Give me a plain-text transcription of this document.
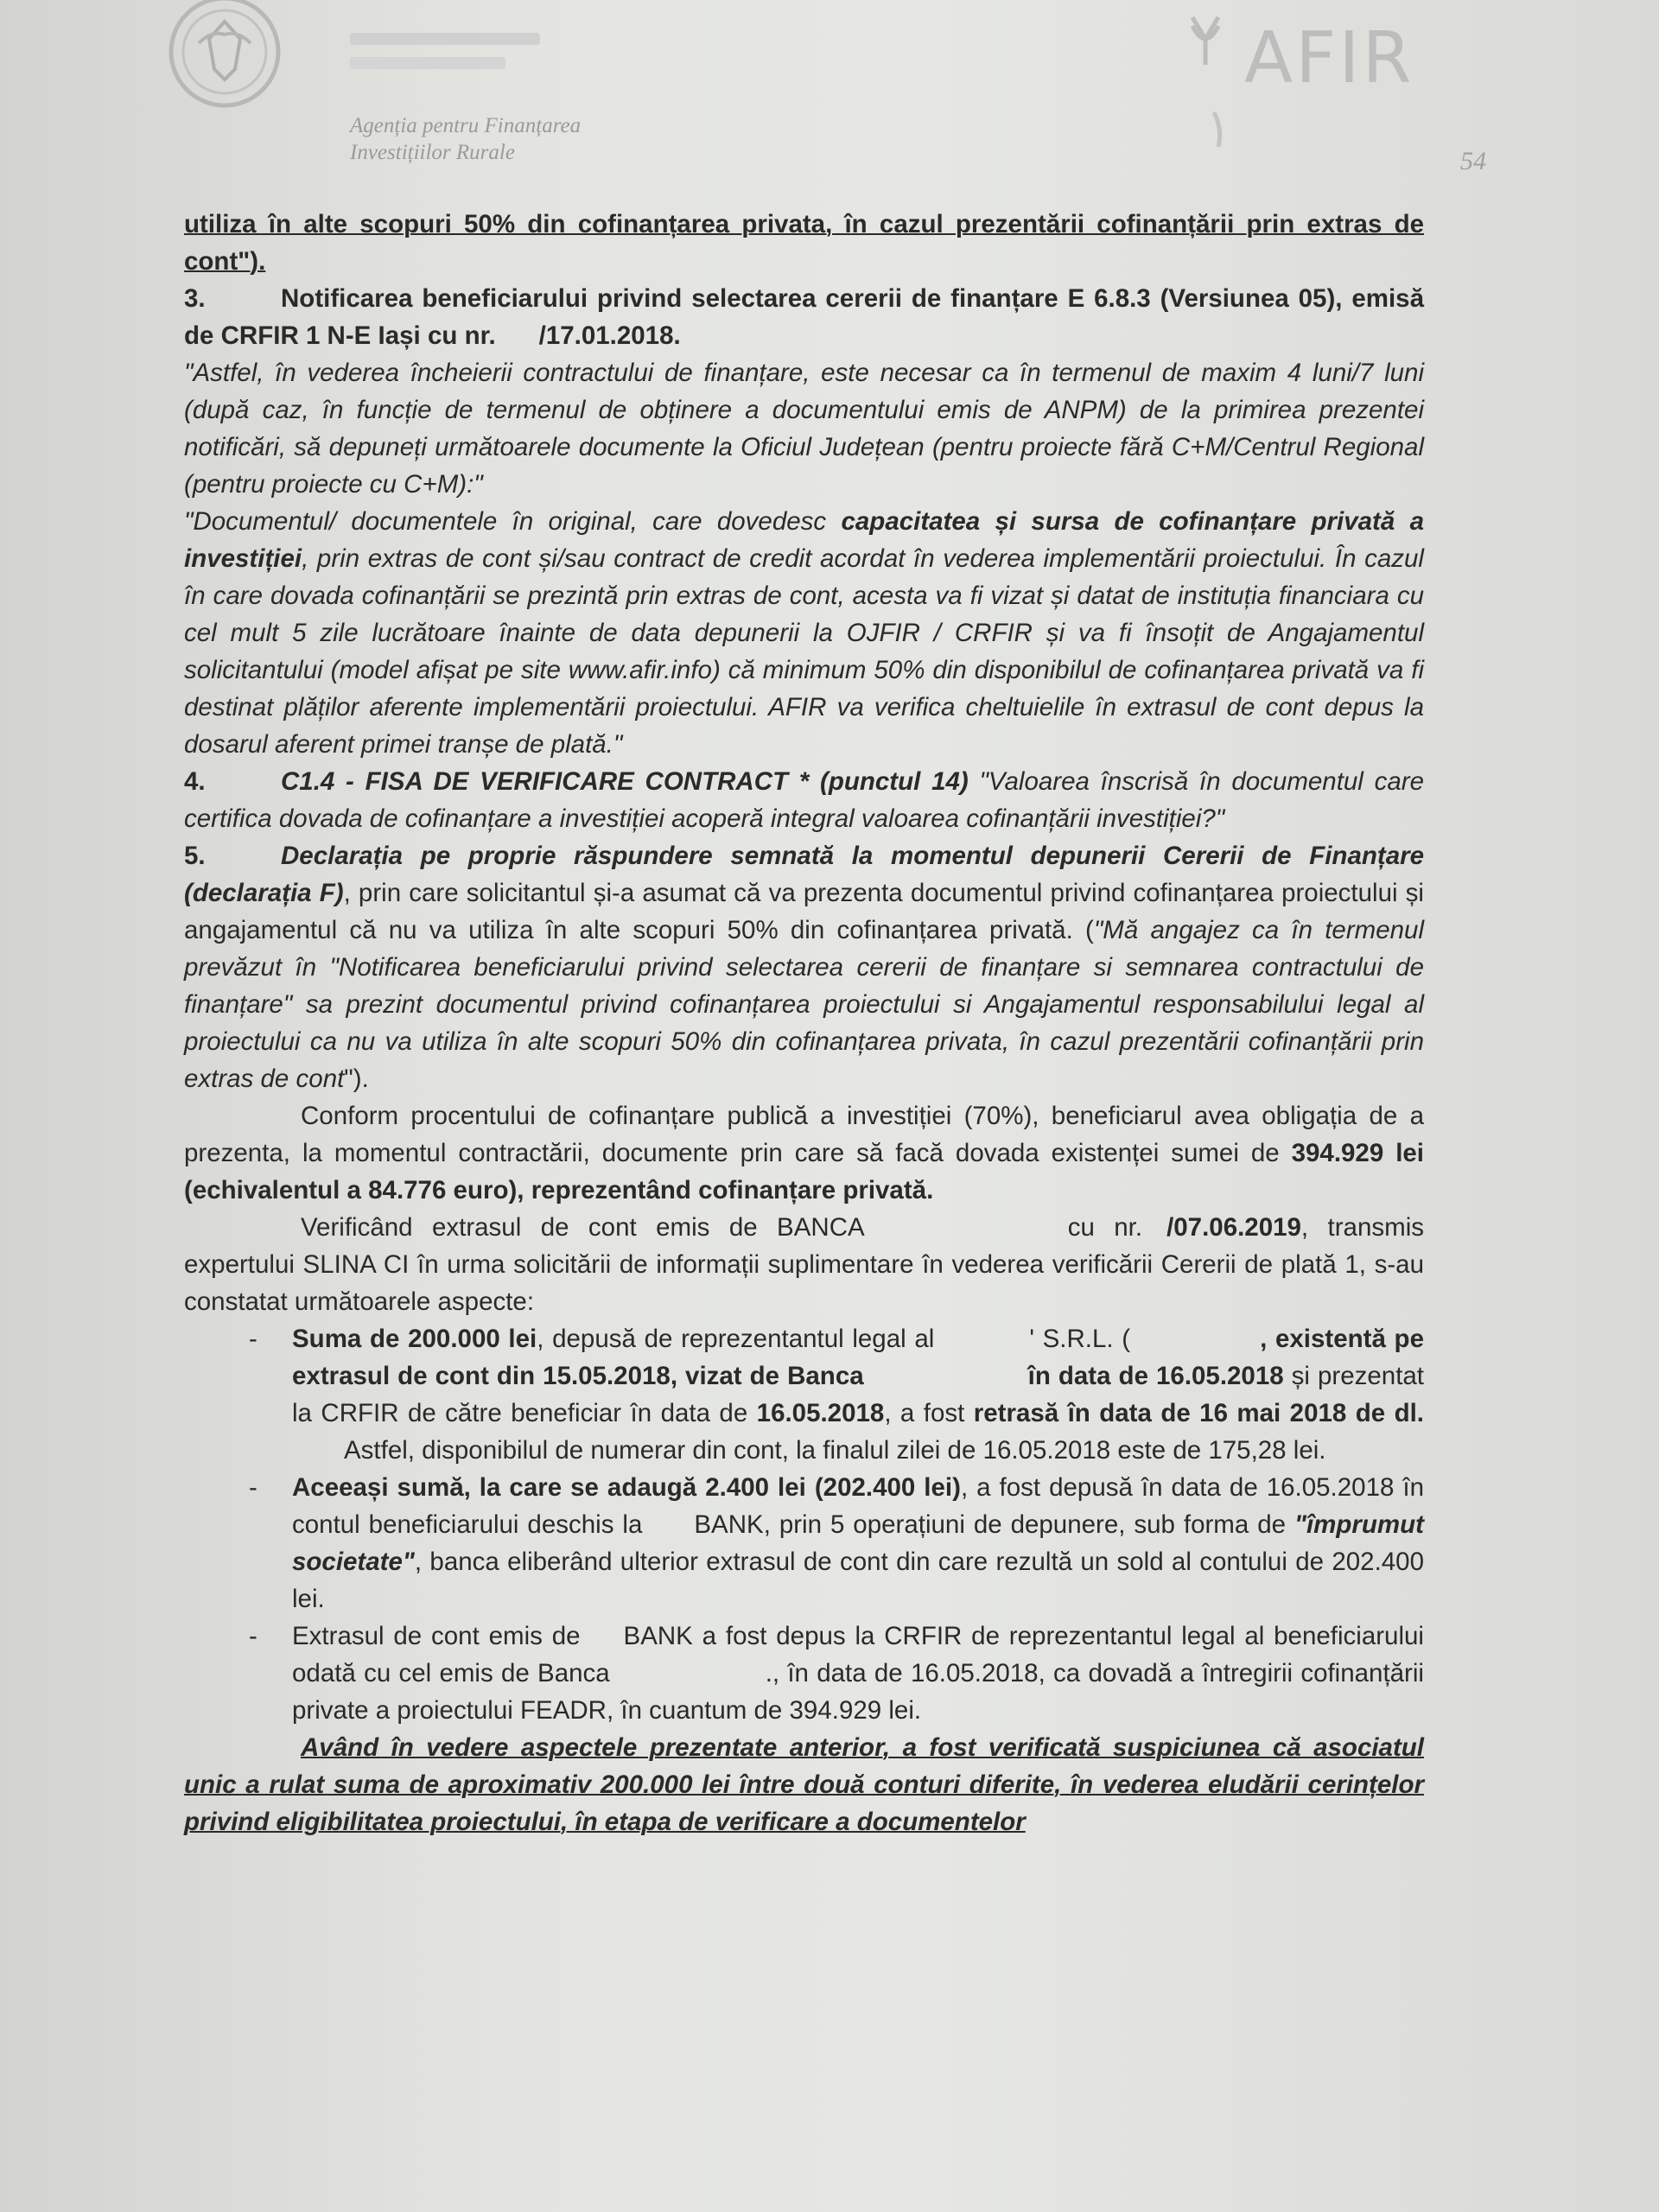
Agenția pentru Finanțarea
Investițiilor Rurale
AFIR
54

utiliza în alte scopuri 50% din cofinanțarea privata, în cazul prezentării cofinanțării prin extras de cont").

3.	Notificarea beneficiarului privind selectarea cererii de finanțare E 6.8.3 (Versiunea 05), emisă de CRFIR 1 N-E Iași cu nr. /17.01.2018.

"Astfel, în vederea încheierii contractului de finanțare, este necesar ca în termenul de maxim 4 luni/7 luni (după caz, în funcție de termenul de obținere a documentului emis de ANPM) de la primirea prezentei notificări, să depuneți următoarele documente la Oficiul Județean (pentru proiecte fără C+M/Centrul Regional (pentru proiecte cu C+M):"

"Documentul/ documentele în original, care dovedesc capacitatea și sursa de cofinanțare privată a investiției, prin extras de cont și/sau contract de credit acordat în vederea implementării proiectului. În cazul în care dovada cofinanțării se prezintă prin extras de cont, acesta va fi vizat și datat de instituția financiara cu cel mult 5 zile lucrătoare înainte de data depunerii la OJFIR / CRFIR și va fi însoțit de Angajamentul solicitantului (model afișat pe site www.afir.info) că minimum 50% din disponibilul de cofinanțarea privată va fi destinat plăților aferente implementării proiectului. AFIR va verifica cheltuielile în extrasul de cont depus la dosarul aferent primei tranșe de plată."

4.	C1.4 - FISA DE VERIFICARE CONTRACT * (punctul 14) "Valoarea înscrisă în documentul care certifica dovada de cofinanțare a investiției acoperă integral valoarea cofinanțării investiției?"

5.	Declarația pe proprie răspundere semnată la momentul depunerii Cererii de Finanțare (declarația F), prin care solicitantul și-a asumat că va prezenta documentul privind cofinanțarea proiectului și angajamentul că nu va utiliza în alte scopuri 50% din cofinanțarea privată. ("Mă angajez ca în termenul prevăzut în "Notificarea beneficiarului privind selectarea cererii de finanțare si semnarea contractului de finanțare" sa prezint documentul privind cofinanțarea proiectului si Angajamentul responsabilului legal al proiectului ca nu va utiliza în alte scopuri 50% din cofinanțarea privata, în cazul prezentării cofinanțării prin extras de cont").

Conform procentului de cofinanțare publică a investiției (70%), beneficiarul avea obligația de a prezenta, la momentul contractării, documente prin care să facă dovada existenței sumei de 394.929 lei (echivalentul a 84.776 euro), reprezentând cofinanțare privată.

Verificând extrasul de cont emis de BANCA	cu nr. /07.06.2019, transmis expertului SLINA CI în urma solicitării de informații suplimentare în vederea verificării Cererii de plată 1, s-au constatat următoarele aspecte:

- Suma de 200.000 lei, depusă de reprezentantul legal al	' S.R.L. (	, existentă pe extrasul de cont din 15.05.2018, vizat de Banca	în data de 16.05.2018 și prezentat la CRFIR de către beneficiar în data de 16.05.2018, a fost retrasă în data de 16 mai 2018 de dl.Astfel, disponibilul de numerar din cont, la finalul zilei de 16.05.2018 este de 175,28 lei.

- Aceeași sumă, la care se adaugă 2.400 lei (202.400 lei), a fost depusă în data de 16.05.2018 în contul beneficiarului deschis la BANK, prin 5 operațiuni de depunere, sub forma de "împrumut societate", banca eliberând ulterior extrasul de cont din care rezultă un sold al contului de 202.400 lei.

- Extrasul de cont emis de BANK a fost depus la CRFIR de reprezentantul legal al beneficiarului odată cu cel emis de Banca	., în data de 16.05.2018, ca dovadă a întregirii cofinanțării private a proiectului FEADR, în cuantum de 394.929 lei.

Având în vedere aspectele prezentate anterior, a fost verificată suspiciunea că asociatul unic a rulat suma de aproximativ 200.000 lei între două conturi diferite, în vederea eludării cerințelor privind eligibilitatea proiectului, în etapa de verificare a documentelor
